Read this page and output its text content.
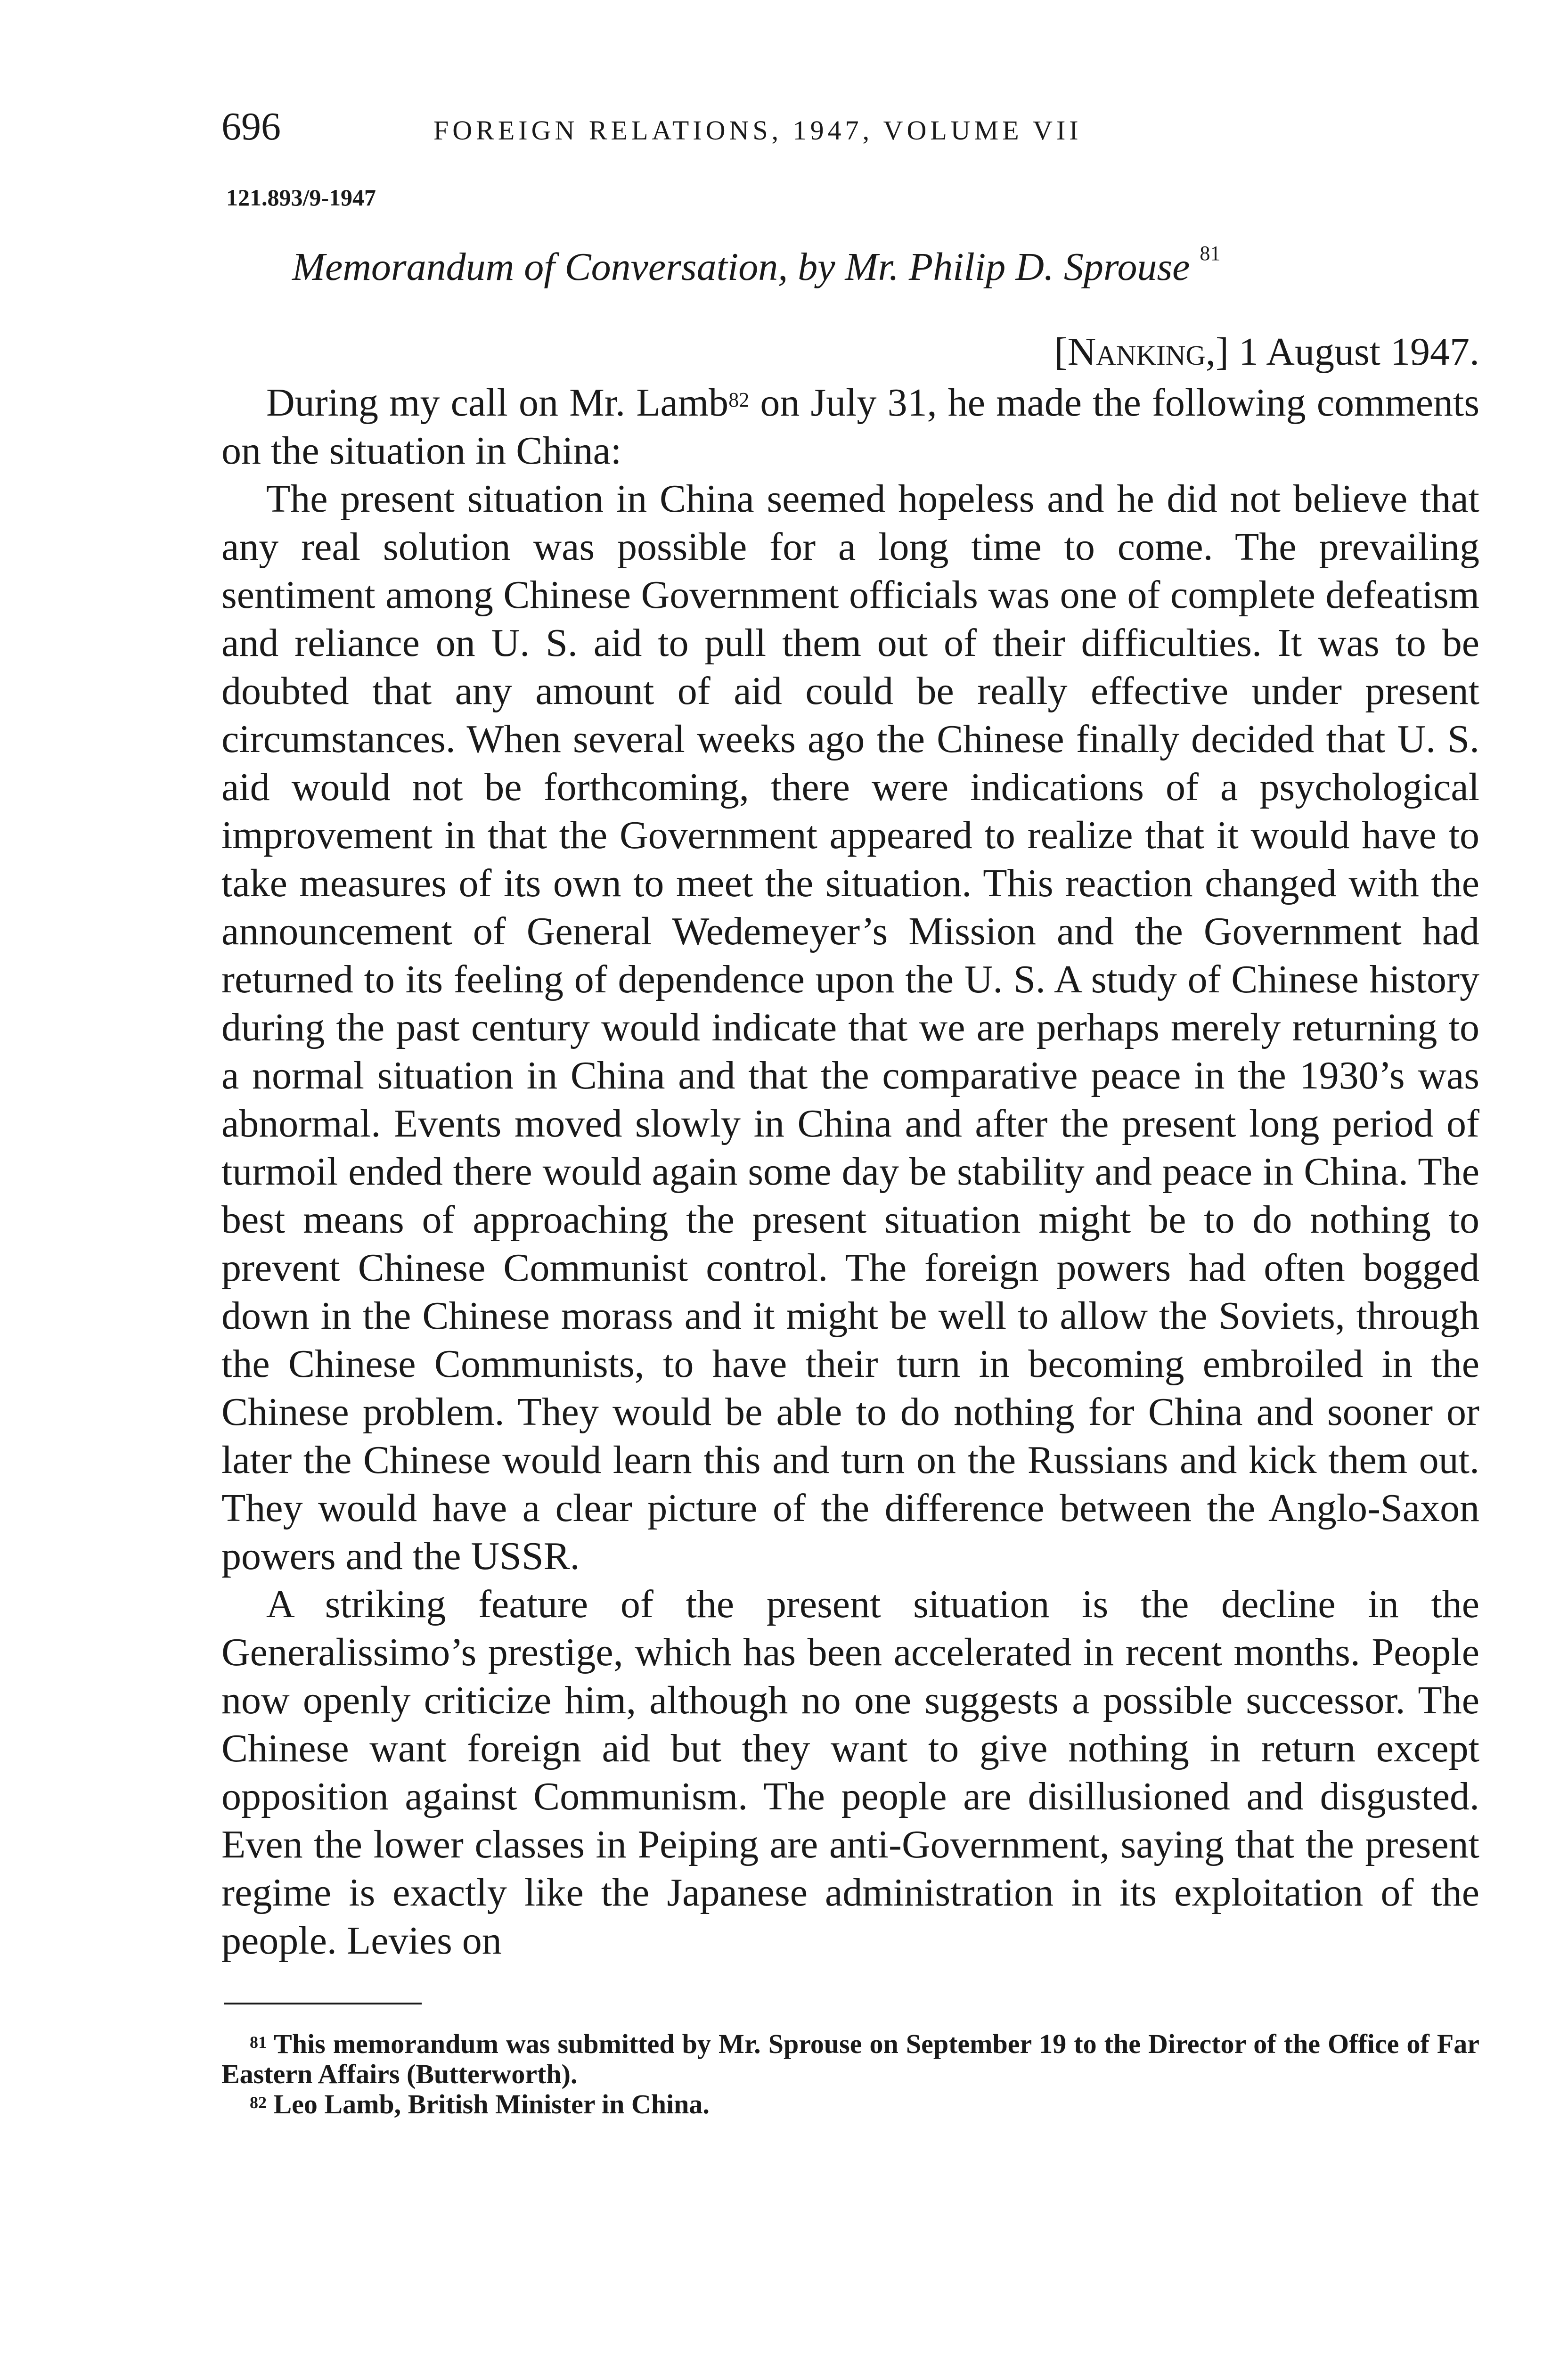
696	FOREIGN RELATIONS, 1947, VOLUME VII
121.893/9-1947
Memorandum of Conversation, by Mr. Philip D. Sprouse $^{81}$
[Nanking,] 1 August 1947.

During my call on Mr. Lamb$^{82}$ on July 31, he made the following comments on the situation in China:

The present situation in China seemed hopeless and he did not believe that any real solution was possible for a long time to come. The prevailing sentiment among Chinese Government officials was one of complete defeatism and reliance on U. S. aid to pull them out of their difficulties. It was to be doubted that any amount of aid could be really effective under present circumstances. When several weeks ago the Chinese finally decided that U. S. aid would not be forthcoming, there were indications of a psychological improvement in that the Government appeared to realize that it would have to take measures of its own to meet the situation. This reaction changed with the announcement of General Wedemeyer’s Mission and the Government had returned to its feeling of dependence upon the U. S. A study of Chinese history during the past century would indicate that we are perhaps merely returning to a normal situation in China and that the comparative peace in the 1930’s was abnormal. Events moved slowly in China and after the present long period of turmoil ended there would again some day be stability and peace in China. The best means of approaching the present situation might be to do nothing to prevent Chinese Communist control. The foreign powers had often bogged down in the Chinese morass and it might be well to allow the Soviets, through the Chinese Communists, to have their turn in becoming embroiled in the Chinese problem. They would be able to do nothing for China and sooner or later the Chinese would learn this and turn on the Russians and kick them out. They would have a clear picture of the difference between the Anglo-Saxon powers and the USSR.

A striking feature of the present situation is the decline in the Generalissimo’s prestige, which has been accelerated in recent months. People now openly criticize him, although no one suggests a possible successor. The Chinese want foreign aid but they want to give nothing in return except opposition against Communism. The people are disillusioned and disgusted. Even the lower classes in Peiping are anti-Government, saying that the present regime is exactly like the Japanese administration in its exploitation of the people. Levies on

$^{81}$ This memorandum was submitted by Mr. Sprouse on September 19 to the Director of the Office of Far Eastern Affairs (Butterworth).

$^{82}$ Leo Lamb, British Minister in China.
